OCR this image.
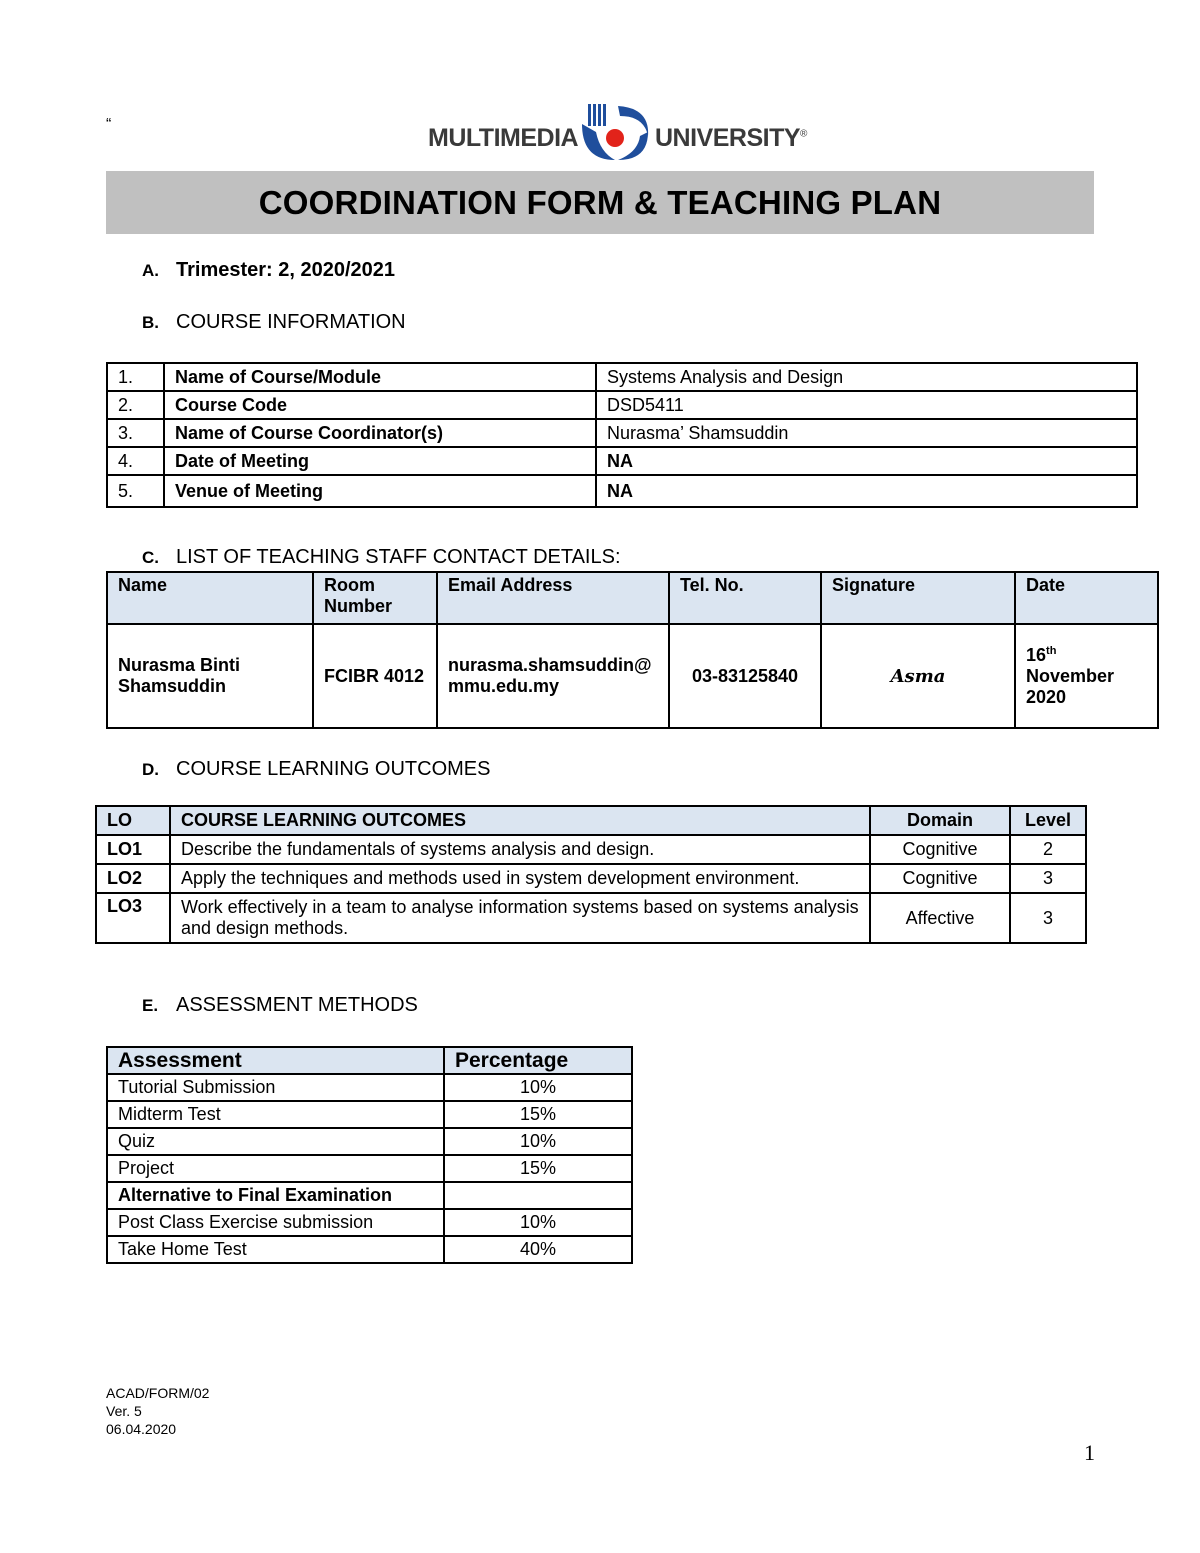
“	MULTIMEDIA	UNIVERSITY®
COORDINATION FORM & TEACHING PLAN
A. Trimester: 2, 2020/2021
B. COURSE INFORMATION
1.	Name of Course/Module	Systems Analysis and Design
2.	Course Code	DSD5411
3.	Name of Course Coordinator(s)	Nurasma’ Shamsuddin
4.	Date of Meeting	NA
5.	Venue of Meeting	NA
C. LIST OF TEACHING STAFF CONTACT DETAILS:
Name	Room Number	Email Address	Tel. No.	Signature	Date
Nurasma Binti Shamsuddin	FCIBR 4012	nurasma.shamsuddin@ mmu.edu.my	03-83125840	Asma	16th November 2020
D. COURSE LEARNING OUTCOMES
LO	COURSE LEARNING OUTCOMES	Domain	Level
LO1	Describe the fundamentals of systems analysis and design.	Cognitive	2
LO2	Apply the techniques and methods used in system development environment.	Cognitive	3
LO3	Work effectively in a team to analyse information systems based on systems analysis and design methods.	Affective	3
E. ASSESSMENT METHODS
Assessment	Percentage
Tutorial Submission	10%
Midterm Test	15%
Quiz	10%
Project	15%
Alternative to Final Examination	
Post Class Exercise submission	10%
Take Home Test	40%
ACAD/FORM/02
Ver. 5
06.04.2020
1
